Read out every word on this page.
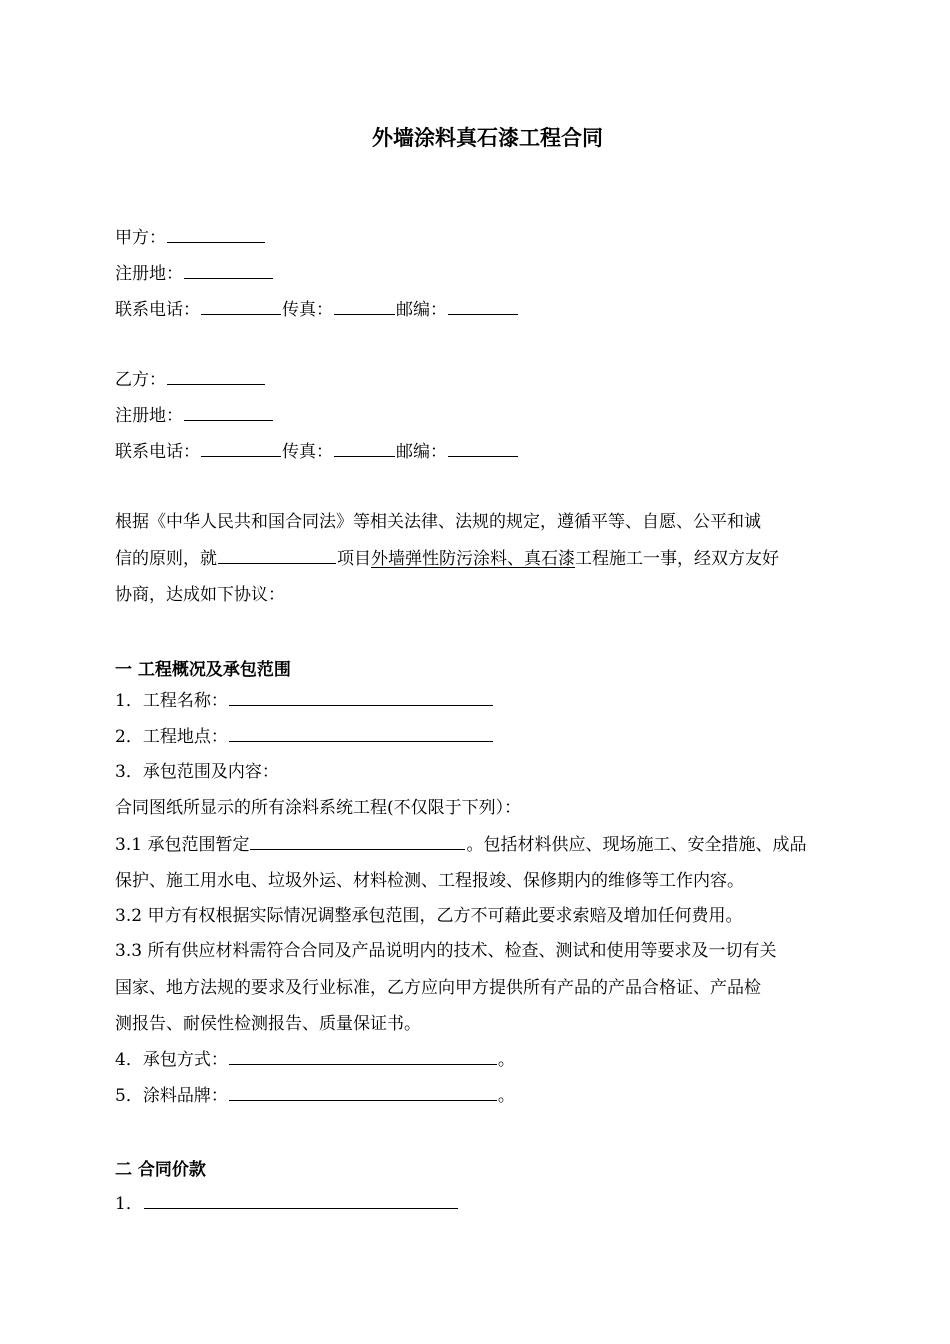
外墙涂料真石漆工程合同
甲方：
注册地：
联系电话：	传真：	邮编：
乙方：
注册地：
联系电话：	传真：	邮编：
根据《中华人民共和国合同法》等相关法律、法规的规定，遵循平等、自愿、公平和诚
信的原则，就	项目外墙弹性防污涂料、真石漆工程施工一事，经双方友好
协商，达成如下协议：
一 工程概况及承包范围
1．工程名称：
2．工程地点：
3．承包范围及内容：
合同图纸所显示的所有涂料系统工程(不仅限于下列）：
3.1 承包范围暂定	。包括材料供应、现场施工、安全措施、成品
保护、施工用水电、垃圾外运、材料检测、工程报竣、保修期内的维修等工作内容。
3.2 甲方有权根据实际情况调整承包范围，乙方不可藉此要求索赔及增加任何费用。
3.3 所有供应材料需符合合同及产品说明内的技术、检查、测试和使用等要求及一切有关
国家、地方法规的要求及行业标准，乙方应向甲方提供所有产品的产品合格证、产品检
测报告、耐侯性检测报告、质量保证书。
4．承包方式：	。
5．涂料品牌：	。
二 合同价款
1．
